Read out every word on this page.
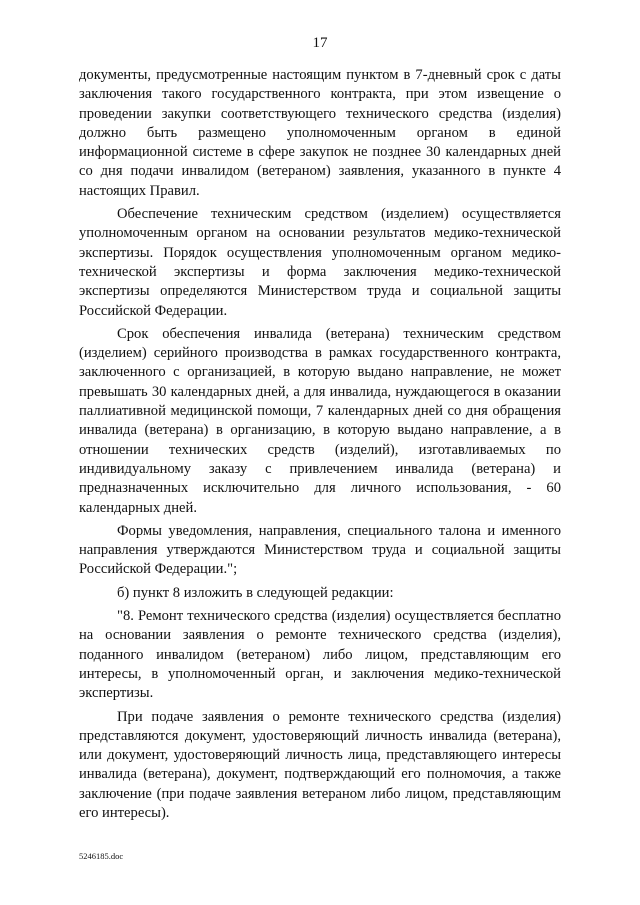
17

документы, предусмотренные настоящим пунктом в 7-дневный срок с даты заключения такого государственного контракта, при этом извещение о проведении закупки соответствующего технического средства (изделия) должно быть размещено уполномоченным органом в единой информационной системе в сфере закупок не позднее 30 календарных дней со дня подачи инвалидом (ветераном) заявления, указанного в пункте 4 настоящих Правил.

Обеспечение техническим средством (изделием) осуществляется уполномоченным органом на основании результатов медико-технической экспертизы. Порядок осуществления уполномоченным органом медико-технической экспертизы и форма заключения медико-технической экспертизы определяются Министерством труда и социальной защиты Российской Федерации.

Срок обеспечения инвалида (ветерана) техническим средством (изделием) серийного производства в рамках государственного контракта, заключенного с организацией, в которую выдано направление, не может превышать 30 календарных дней, а для инвалида, нуждающегося в оказании паллиативной медицинской помощи, 7 календарных дней со дня обращения инвалида (ветерана) в организацию, в которую выдано направление, а в отношении технических средств (изделий), изготавливаемых по индивидуальному заказу с привлечением инвалида (ветерана) и предназначенных исключительно для личного использования, - 60 календарных дней.

Формы уведомления, направления, специального талона и именного направления утверждаются Министерством труда и социальной защиты Российской Федерации.";

б) пункт 8 изложить в следующей редакции:

"8. Ремонт технического средства (изделия) осуществляется бесплатно на основании заявления о ремонте технического средства (изделия), поданного инвалидом (ветераном) либо лицом, представляющим его интересы, в уполномоченный орган, и заключения медико-технической экспертизы.

При подаче заявления о ремонте технического средства (изделия) представляются документ, удостоверяющий личность инвалида (ветерана), или документ, удостоверяющий личность лица, представляющего интересы инвалида (ветерана), документ, подтверждающий его полномочия, а также заключение (при подаче заявления ветераном либо лицом, представляющим его интересы).

5246185.doc
